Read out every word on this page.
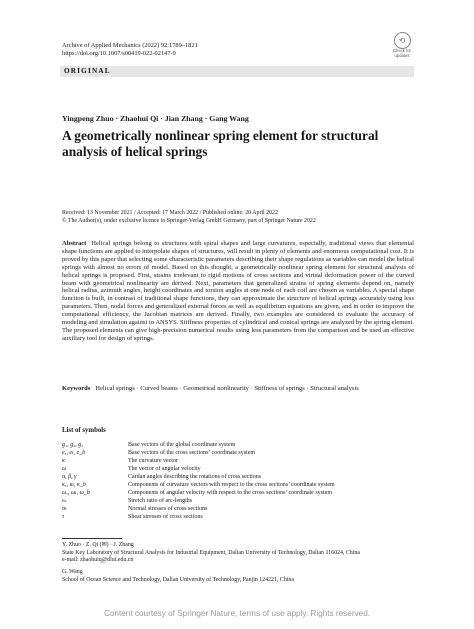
Archive of Applied Mechanics (2022) 92:1789–1821
https://doi.org/10.1007/s00419-022-02147-9
⟲
Check for
updates
ORIGINAL
Yingpeng Zhuo · Zhaohui Qi · Jian Zhang · Gang Wang
A geometrically nonlinear spring element for structural analysis of helical springs
Received: 13 November 2021 / Accepted: 17 March 2022 / Published online: 20 April 2022
© The Author(s), under exclusive licence to Springer-Verlag GmbH Germany, part of Springer Nature 2022
Abstract Helical springs belong to structures with spiral shapes and large curvatures, especially, traditional views that elemental shape functions are applied to interpolate shapes of structures, will result in plenty of elements and enormous computational cost. It is proved by this paper that selecting some characteristic parameters describing their shape regulations as variables can model the helical springs with almost no errors of model. Based on this thought, a geometrically nonlinear spring element for structural analysis of helical springs is proposed. First, strains irrelevant to rigid motions of cross sections and virtual deformation power of the curved beam with geometrical nonlinearity are derived. Next, parameters that generalized strains of spring elements depend on, namely helical radius, azimuth angles, height coordinates and torsion angles at one node of each coil are chosen as variables. A special shape function is built, in contrast of traditional shape functions, they can approximate the structure of helical springs accurately using less parameters. Then, nodal forces and generalized external forces as well as equilibrium equations are given, and in order to improve the computational efficiency, the Jacobian matrices are derived. Finally, two examples are considered to evaluate the accuracy of modeling and simulation against to ANSYS. Stiffness properties of cylindrical and conical springs are analyzed by the spring element. The proposed elements can give high-precision numerical results using less parameters from the comparison and be used an effective auxiliary tool for design of springs.
Keywords Helical springs · Curved beams · Geometrical nonlinearity · Stiffness of springs · Structural analysis
List of symbols
g₁, g₂, g₃	Base vectors of the global coordinate system
eₓ, eₜ, e_b	Base vectors of the cross sections’ coordinate system
κ	The curvature vector
ω	The vector of angular velocity
α, β, γ	Cardan angles describing the rotations of cross sections
κₓ, κₜ, κ_b	Components of curvature vectors with respect to the cross sections’ coordinate system
ωₓ, ωₜ, ω_b	Components of angular velocity with respect to the cross sections’ coordinate system
εₛ	Stretch ratio of arc-lengths
σₜ	Normal stresses of cross sections
τ	Shear stresses of cross sections
Y. Zhuo · Z. Qi (✉) · J. Zhang
State Key Laboratory of Structural Analysis for Industrial Equipment, Dalian University of Technology, Dalian 116024, China
e-mail: zhaohuiq@dlut.edu.cn
G. Wang
School of Ocean Science and Technology, Dalian University of Technology, Panjin 124221, China
Content courtesy of Springer Nature, terms of use apply. Rights reserved.
